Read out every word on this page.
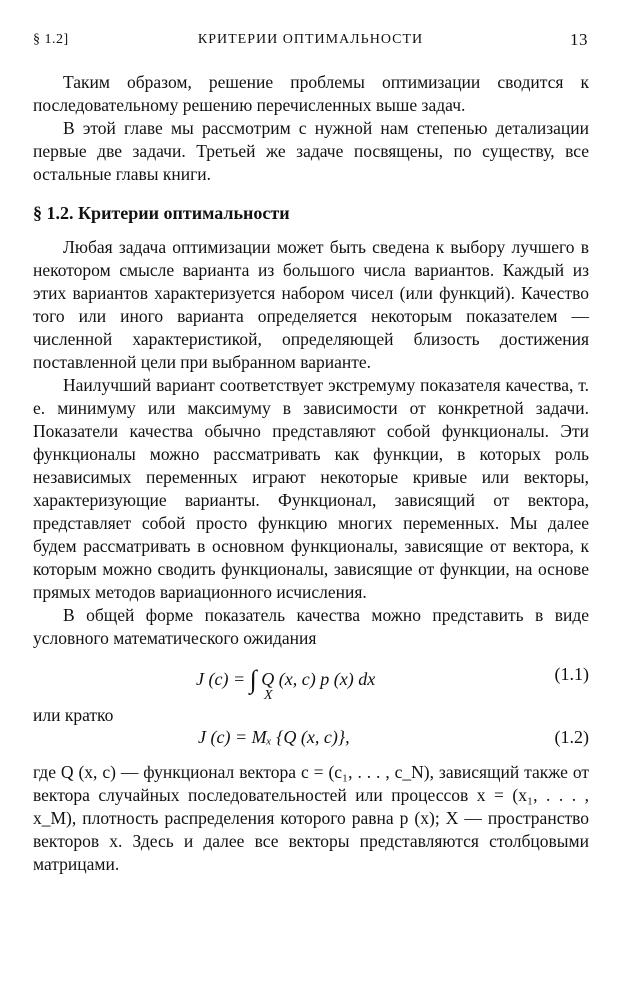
§ 1.2]	КРИТЕРИИ ОПТИМАЛЬНОСТИ	13

Таким образом, решение проблемы оптимизации сводится к последовательному решению перечисленных выше задач.

В этой главе мы рассмотрим с нужной нам степенью детализации первые две задачи. Третьей же задаче посвящены, по существу, все остальные главы книги.

§ 1.2. Критерии оптимальности

Любая задача оптимизации может быть сведена к выбору лучшего в некотором смысле варианта из большого числа вариантов. Каждый из этих вариантов характеризуется набором чисел (или функций). Качество того или иного варианта определяется некоторым показателем — численной характеристикой, определяющей близость достижения поставленной цели при выбранном варианте.

Наилучший вариант соответствует экстремуму показателя качества, т. е. минимуму или максимуму в зависимости от конкретной задачи. Показатели качества обычно представляют собой функционалы. Эти функционалы можно рассматривать как функции, в которых роль независимых переменных играют некоторые кривые или векторы, характеризующие варианты. Функционал, зависящий от вектора, представляет собой просто функцию многих переменных. Мы далее будем рассматривать в основном функционалы, зависящие от вектора, к которым можно сводить функционалы, зависящие от функции, на основе прямых методов вариационного исчисления.

В общей форме показатель качества можно представить в виде условного математического ожидания

J (c) = ∫ Q (x, c) p (x) dx
X
(1.1)

или кратко

J (c) = Mₓ {Q (x, c)},	(1.2)

где Q (x, c) — функционал вектора c = (c₁, . . . , c_N), зависящий также от вектора случайных последовательностей или процессов x = (x₁, . . . , x_M), плотность распределения которого равна p (x); X — пространство векторов x. Здесь и далее все векторы представляются столбцовыми матрицами.
